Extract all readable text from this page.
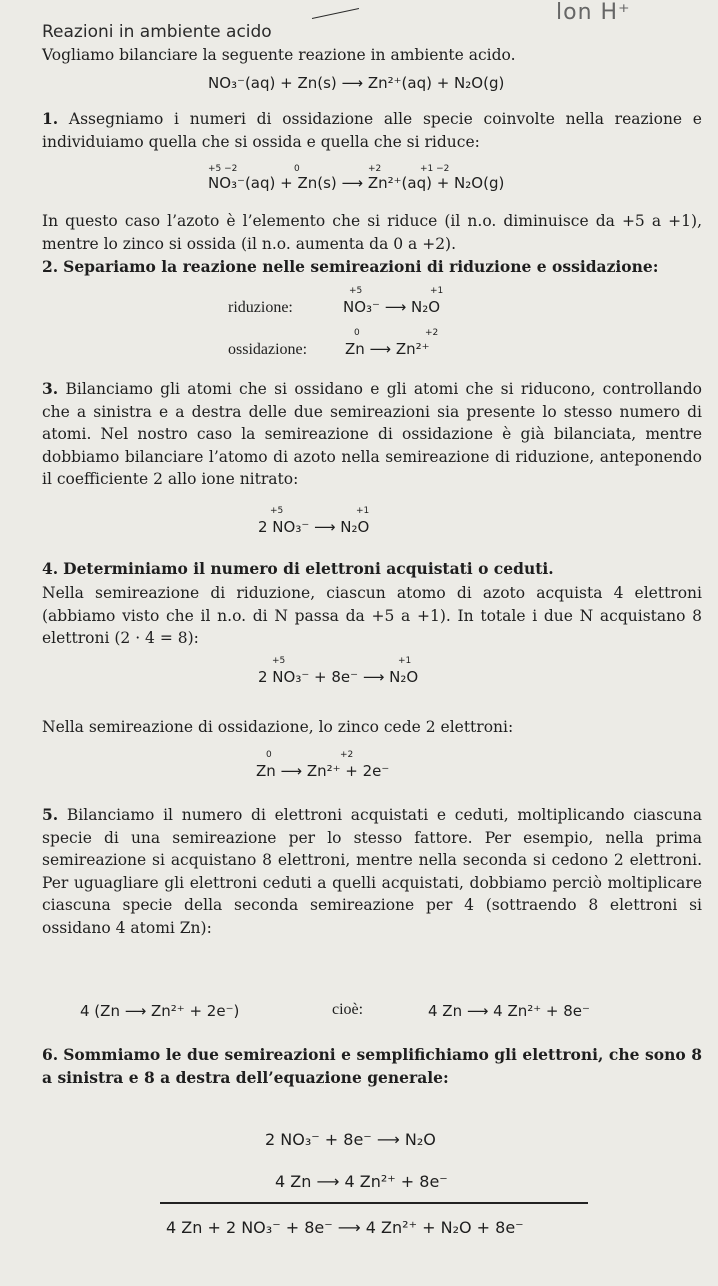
Reazioni in ambiente acido
lon H⁺
Vogliamo bilanciare la seguente reazione in ambiente acido.
NO₃⁻(aq) + Zn(s) ⟶ Zn²⁺(aq) + N₂O(g)
1. Assegniamo i numeri di ossidazione alle specie coinvolte nella reazione e individuiamo quella che si ossida e quella che si riduce:
+5 −2	0	+2	+1 −2
NO₃⁻(aq) + Zn(s) ⟶ Zn²⁺(aq) + N₂O(g)
In questo caso l’azoto è l’elemento che si riduce (il n.o. diminuisce da +5 a +1), mentre lo zinco si ossida (il n.o. aumenta da 0 a +2).
2. Separiamo la reazione nelle semireazioni di riduzione e ossidazione:
riduzione:
+5	+1
NO₃⁻ ⟶ N₂O
ossidazione:
0	+2
Zn ⟶ Zn²⁺
3. Bilanciamo gli atomi che si ossidano e gli atomi che si riducono, controllando che a sinistra e a destra delle due semireazioni sia presente lo stesso numero di atomi. Nel nostro caso la semireazione di ossidazione è già bilanciata, mentre dobbiamo bilanciare l’atomo di azoto nella semireazione di riduzione, anteponendo il coefficiente 2 allo ione nitrato:
+5	+1
2 NO₃⁻ ⟶ N₂O
4. Determiniamo il numero di elettroni acquistati o ceduti.
Nella semireazione di riduzione, ciascun atomo di azoto acquista 4 elettroni (abbiamo visto che il n.o. di N passa da +5 a +1). In totale i due N acquistano 8 elettroni (2 · 4 = 8):
+5	+1
2 NO₃⁻ + 8e⁻ ⟶ N₂O
Nella semireazione di ossidazione, lo zinco cede 2 elettroni:
0	+2
Zn ⟶ Zn²⁺ + 2e⁻
5. Bilanciamo il numero di elettroni acquistati e ceduti, moltiplicando ciascuna specie di una semireazione per lo stesso fattore. Per esempio, nella prima semireazione si acquistano 8 elettroni, mentre nella seconda si cedono 2 elettroni. Per uguagliare gli elettroni ceduti a quelli acquistati, dobbiamo perciò moltiplicare ciascuna specie della seconda semireazione per 4 (sottraendo 8 elettroni si ossidano 4 atomi Zn):
4 (Zn ⟶ Zn²⁺ + 2e⁻)	cioè:	4 Zn ⟶ 4 Zn²⁺ + 8e⁻
6. Sommiamo le due semireazioni e semplifichiamo gli elettroni, che sono 8 a sinistra e 8 a destra dell’equazione generale:
2 NO₃⁻ + 8e⁻ ⟶ N₂O
4 Zn ⟶ 4 Zn²⁺ + 8e⁻
4 Zn + 2 NO₃⁻ + 8e⁻ ⟶ 4 Zn²⁺ + N₂O + 8e⁻
